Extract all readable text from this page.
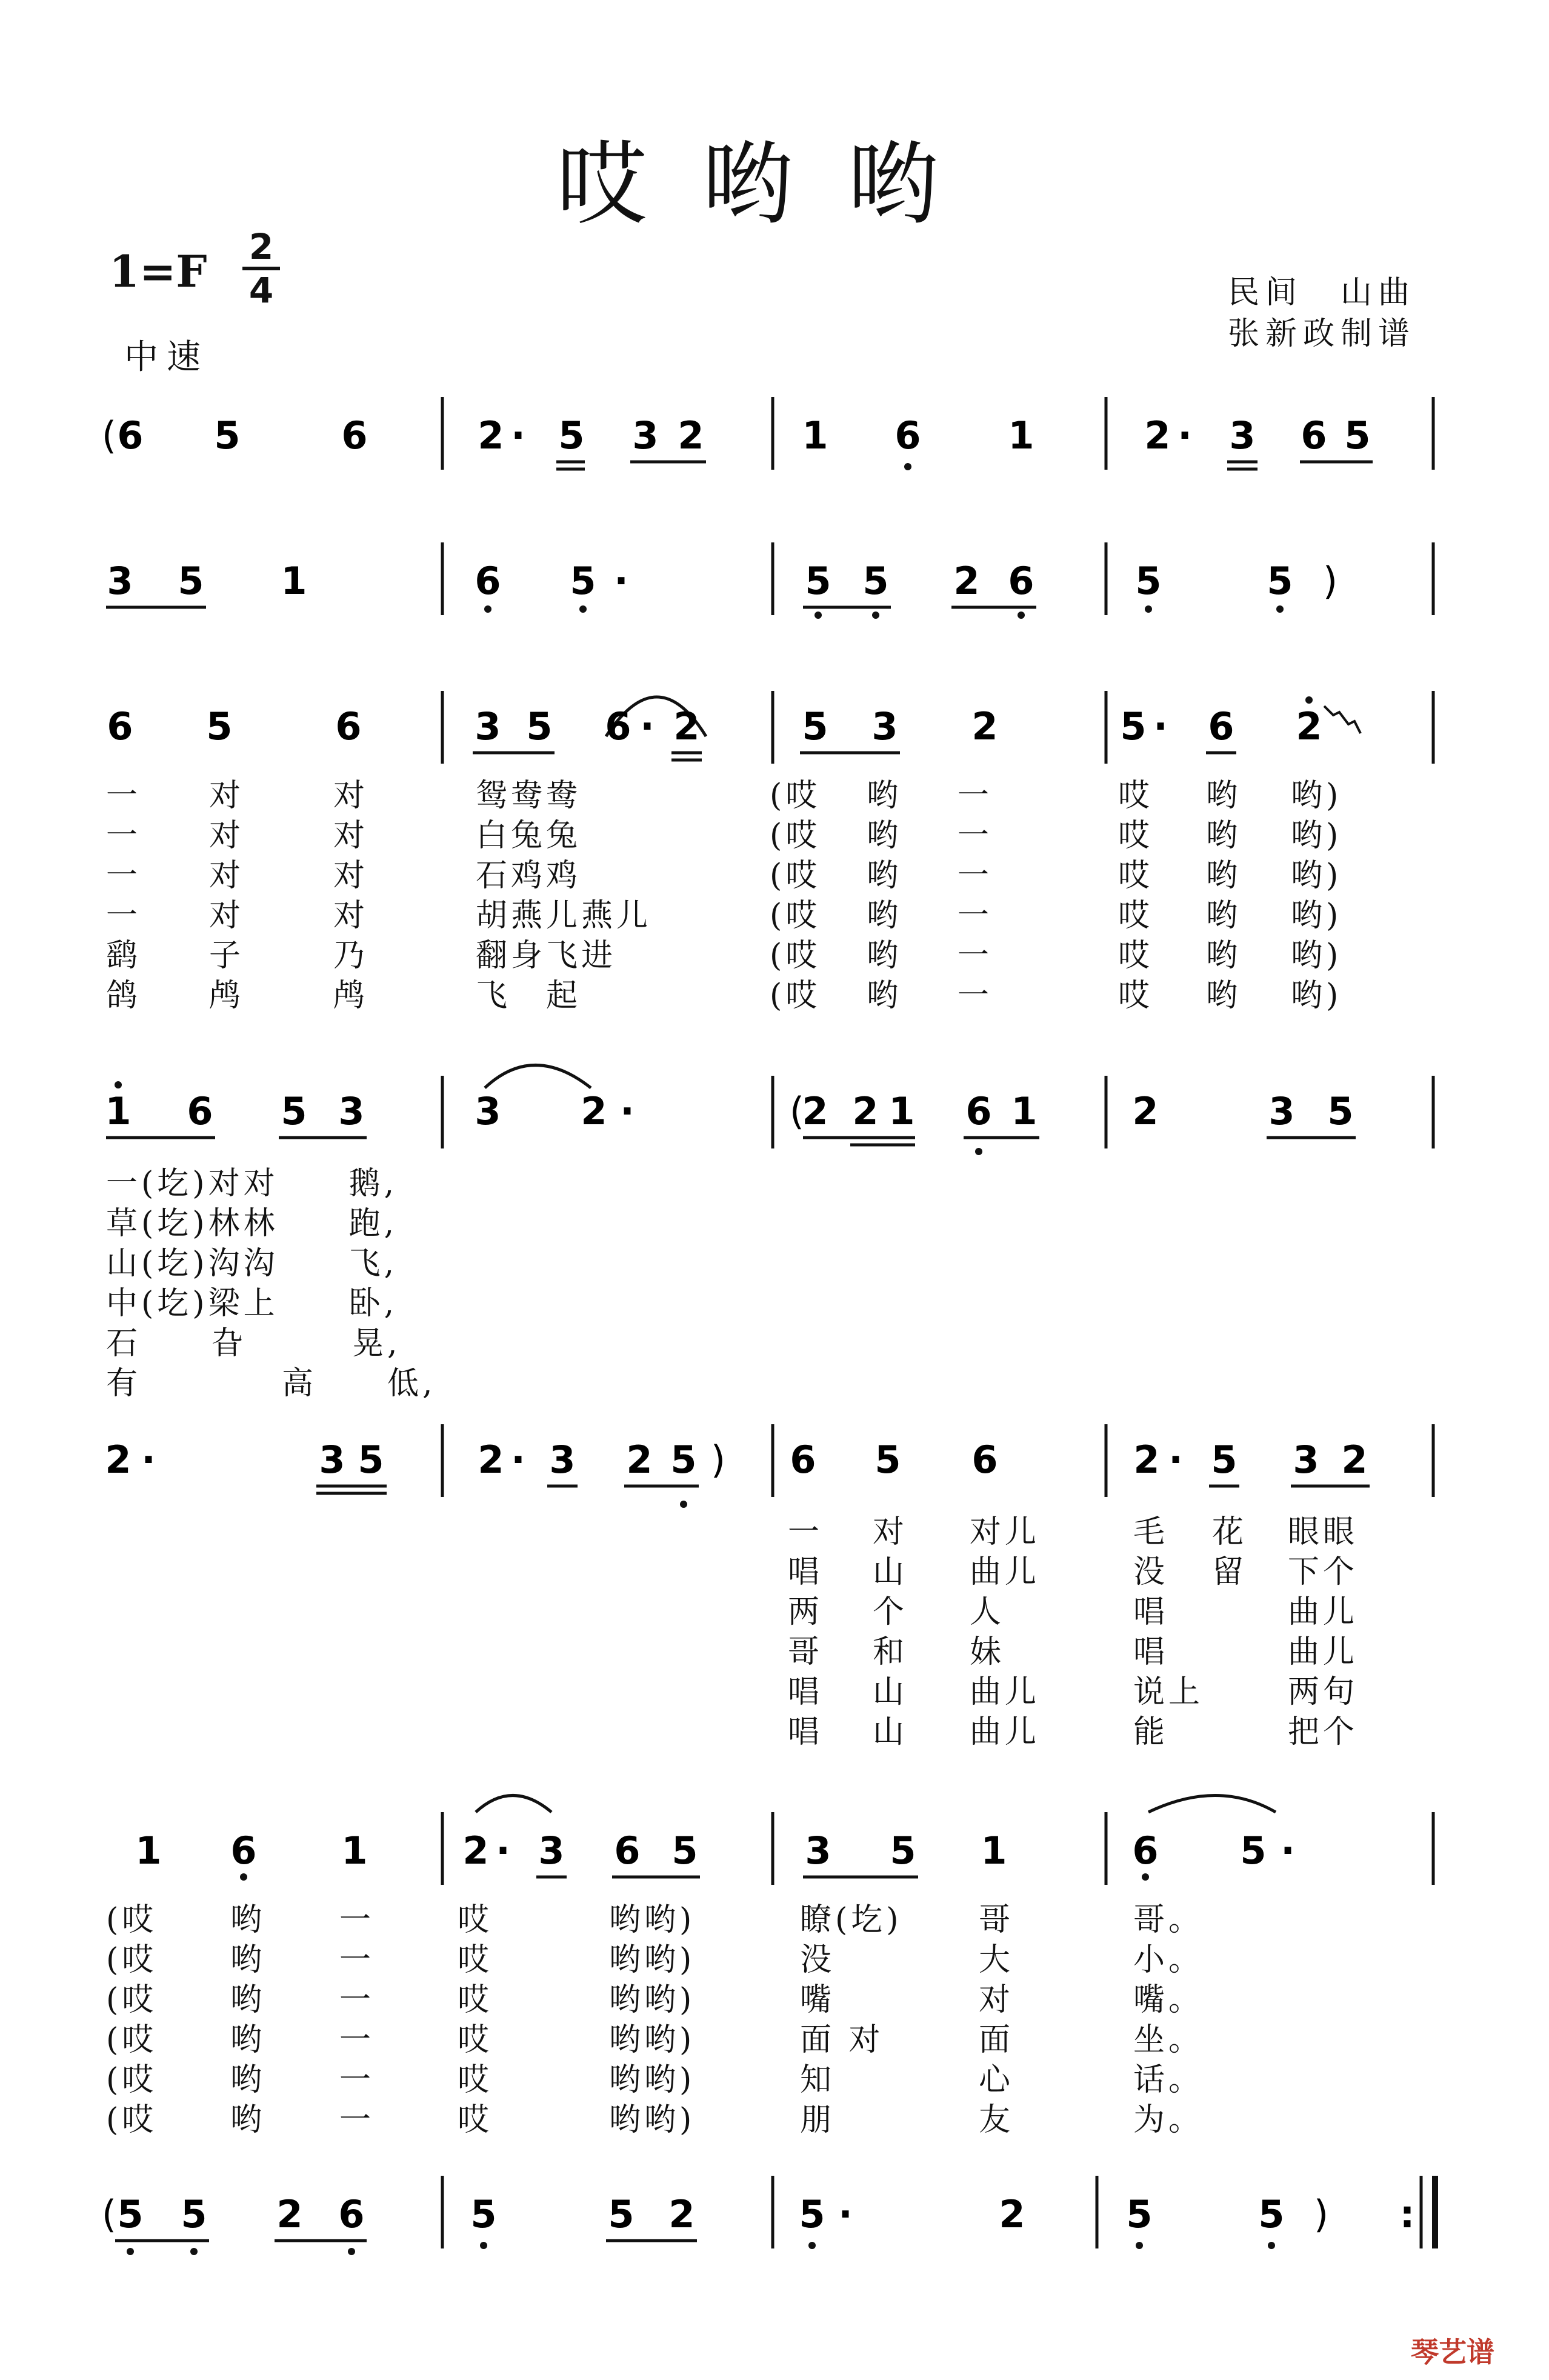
哎哟哟
1=F 2
4
中速
民间　山曲
张新政制谱
( 6 5	6	2 · 5 3 2	1 6 1	2 · 3 6 5
3 5 1	6 5 ·	5 5 2 6	5	5 )
6 5	6	3 5 6 · 2	5 3 2	5 · 6 2
1 6 5 3	3 2 ·	(
2 2 1 6 1	2	3 5
2 ·	3 5 2 · 3 2 5 ) 6 5 6	2 · 5 3 2
1 6 1	2 · 3 6 5	3 5 1	6 5 ·
( 5 5 2 6	5	5 2	5 ·	2	5	5 ) :
一 对	对	鸳鸯鸯	(哎 哟 一	哎 哟 哟)
一 对	对	白兔兔	(哎 哟 一	哎 哟 哟)
一 对	对	石鸡鸡	(哎 哟 一	哎 哟 哟)
一 对	对	胡燕儿燕儿	(哎 哟 一	哎 哟 哟)
鹞 子	乃	翻身飞进	(哎 哟 一	哎 哟 哟)
鸽 鸬	鸬	飞　起	(哎 哟 一	哎 哟 哟)
一(圪)对对　　鹅,
草(圪)林林　　跑,
山(圪)沟沟　　飞,
中(圪)梁上　　卧,
石　　旮　　　晃,
有　　　　高　　低,
一 对 对儿	毛 花 眼眼
唱 山 曲儿	没 留 下个
两 个 人	唱	曲儿
哥 和 妹	唱	曲儿
唱 山 曲儿	说上	两句
唱 山 曲儿	能	把个
(哎 哟 一	哎	哟哟)	瞭(圪) 哥	哥。
(哎 哟 一	哎	哟哟)	没	大	小。
(哎 哟 一	哎	哟哟)	嘴	对	嘴。
(哎 哟 一	哎	哟哟)	面 对	面	坐。
(哎 哟 一	哎	哟哟)	知	心	话。
(哎 哟 一	哎	哟哟)	朋	友	为。
琴艺谱
